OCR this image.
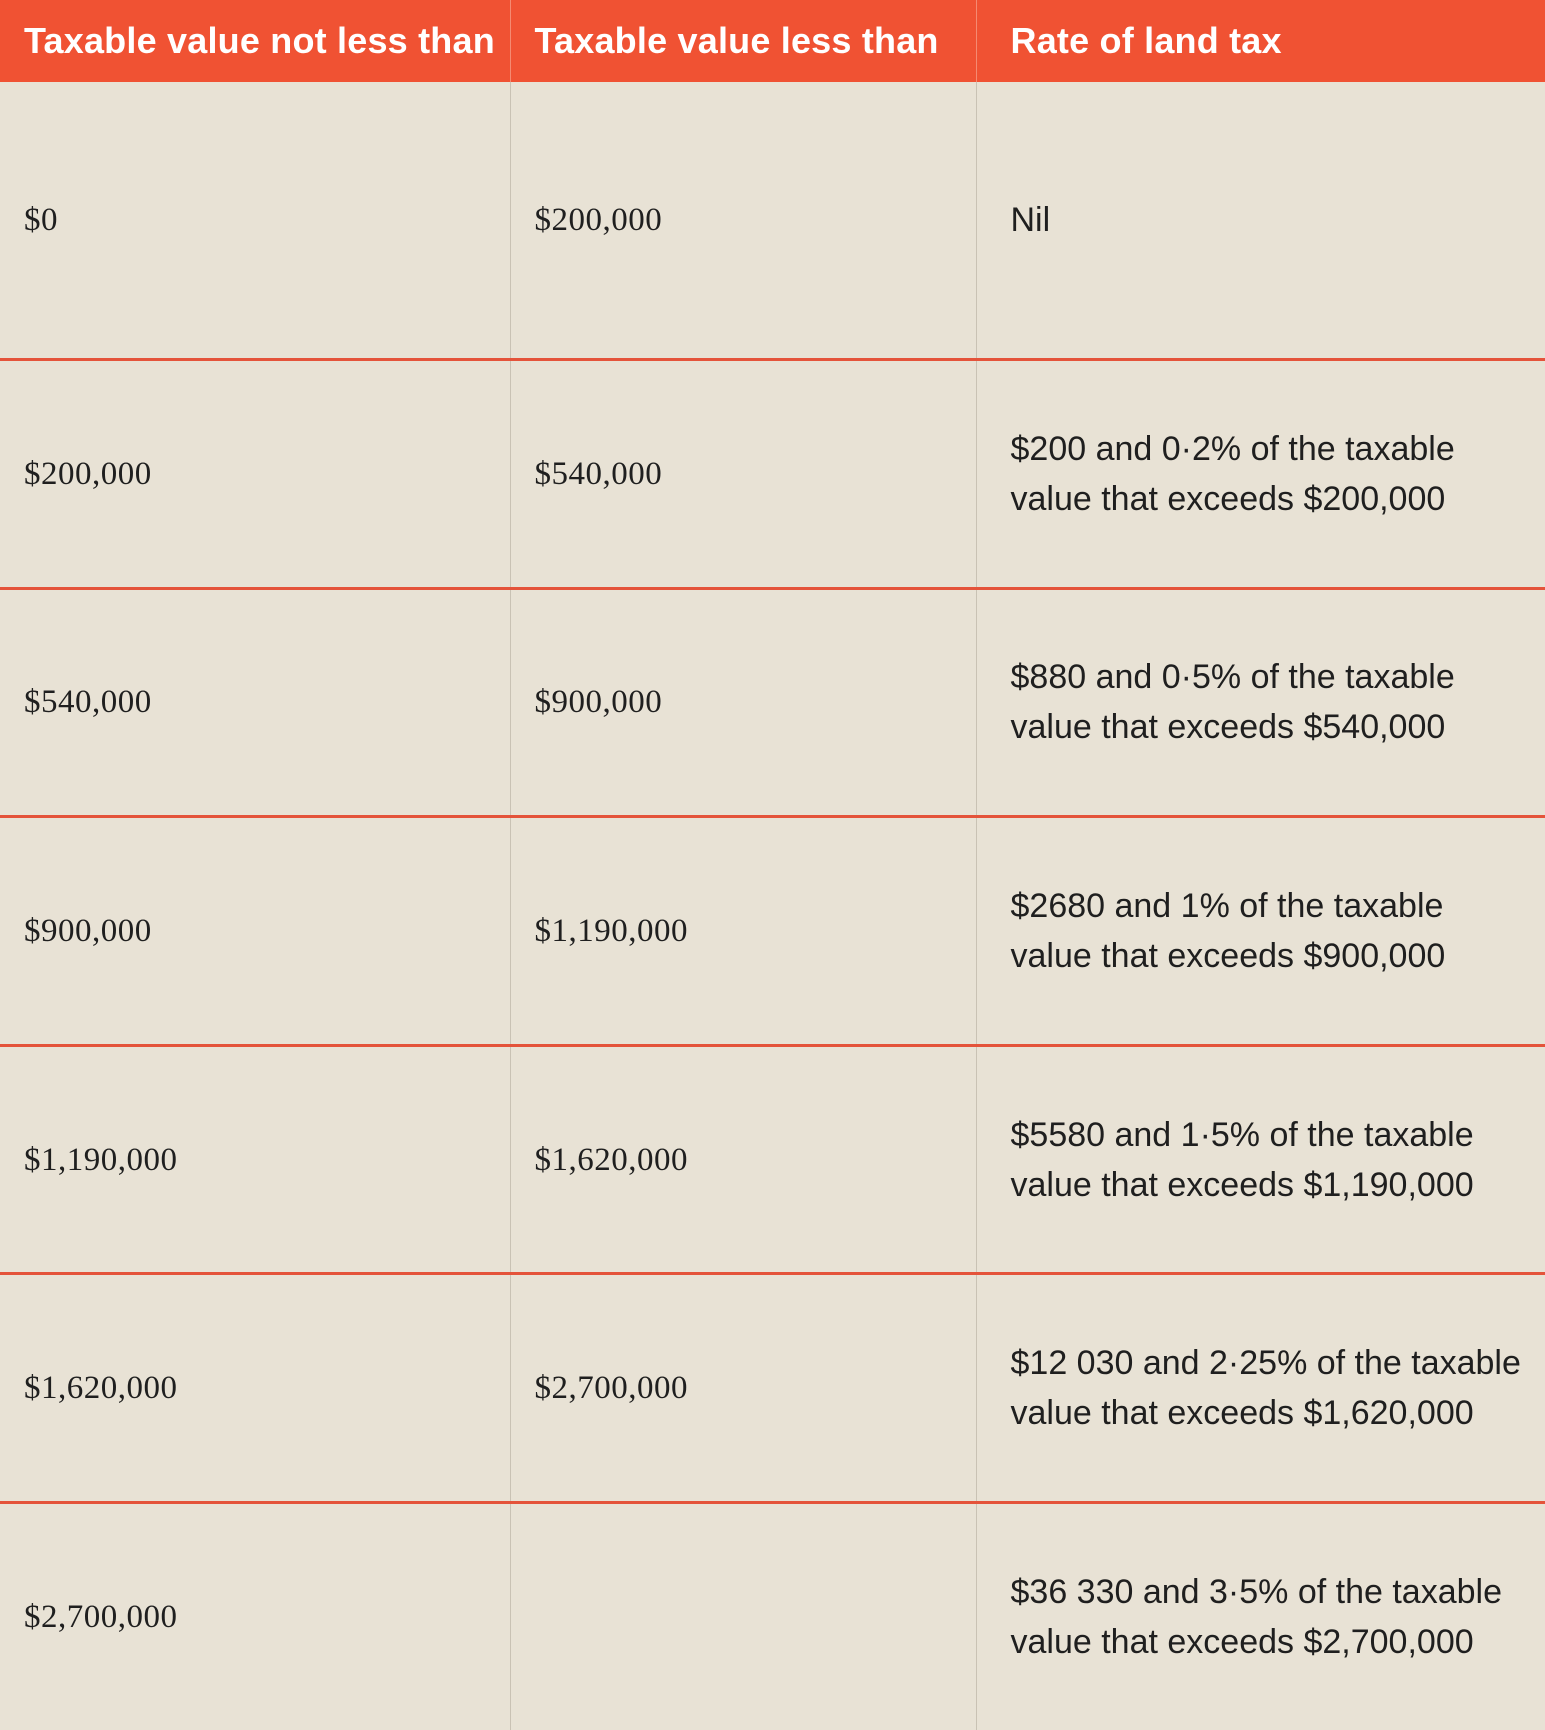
Taxable value not less than	Taxable value less than	Rate of land tax
$0	$200,000	Nil
$200,000	$540,000	$200 and 0·2% of the taxable value that exceeds $200,000
$540,000	$900,000	$880 and 0·5% of the taxable value that exceeds $540,000
$900,000	$1,190,000	$2680 and 1% of the taxable value that exceeds $900,000
$1,190,000	$1,620,000	$5580 and 1·5% of the taxable value that exceeds $1,190,000
$1,620,000	$2,700,000	$12 030 and 2·25% of the taxable value that exceeds $1,620,000
$2,700,000		$36 330 and 3·5% of the taxable value that exceeds $2,700,000
